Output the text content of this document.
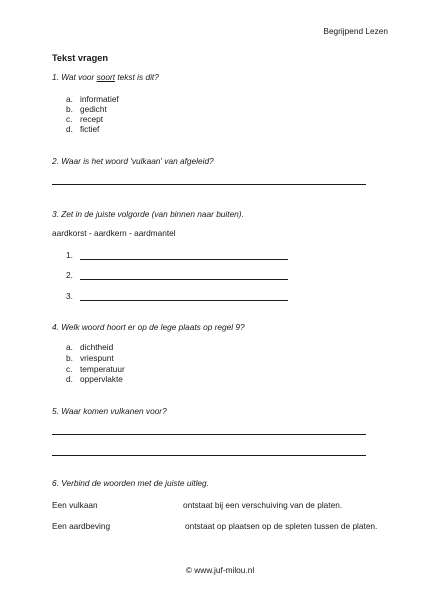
Begrijpend Lezen
Tekst vragen
1. Wat voor soort tekst is dit?
a. informatief
b. gedicht
c. recept
d. fictief
2. Waar is het woord 'vulkaan' van afgeleid?
3. Zet in de juiste volgorde (van binnen naar buiten).
aardkorst - aardkern - aardmantel
1.
2.
3.
4. Welk woord hoort er op de lege plaats op regel 9?
a. dichtheid
b. vriespunt
c. temperatuur
d. oppervlakte
5. Waar komen vulkanen voor?
6. Verbind de woorden met de juiste uitleg.
Een vulkaan	ontstaat bij een verschuiving van de platen.
Een aardbeving	ontstaat op plaatsen op de spleten tussen de platen.
© www.juf-milou.nl
